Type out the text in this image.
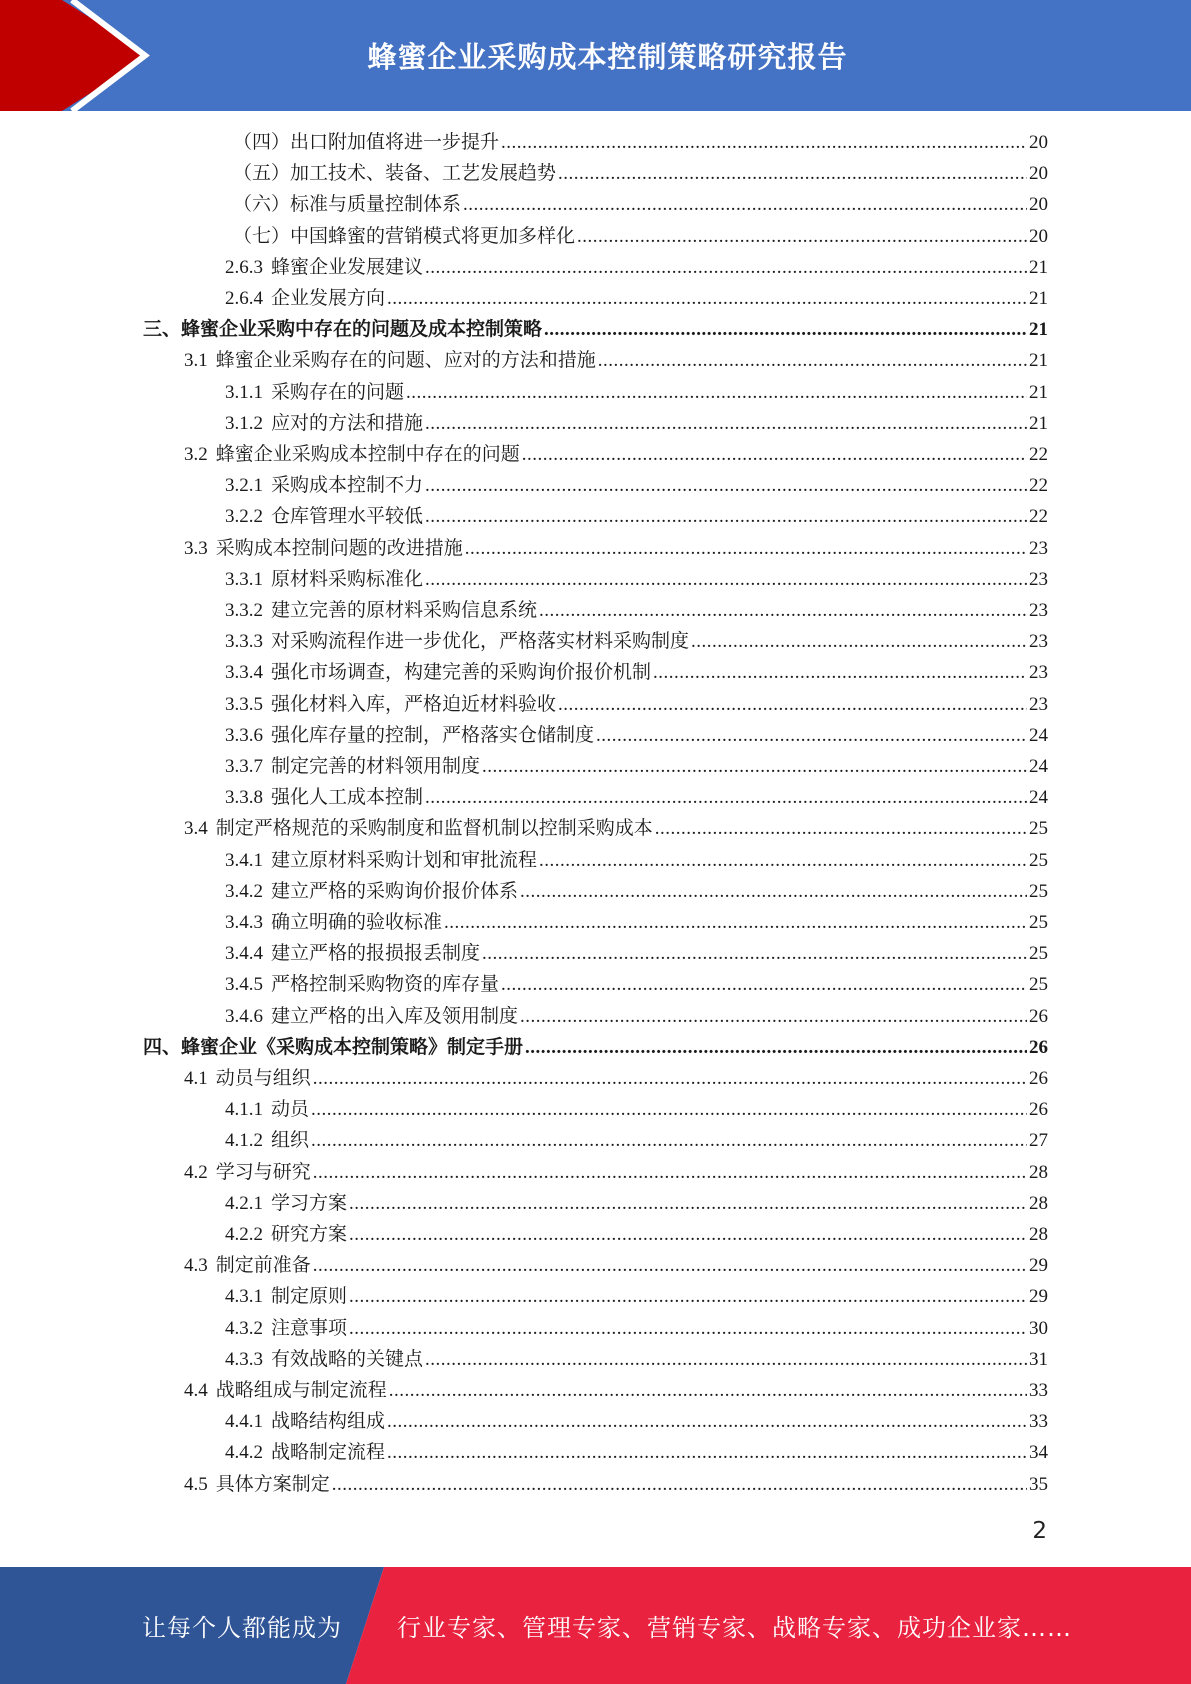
蜂蜜企业采购成本控制策略研究报告
（四）出口附加值将进一步提升 .....	20
（五）加工技术、装备、工艺发展趋势 .....	20
（六）标准与质量控制体系 .....	20
（七）中国蜂蜜的营销模式将更加多样化 .....	20
2.6.3 蜂蜜企业发展建议 .....	21
2.6.4 企业发展方向 .....	21
三、蜂蜜企业采购中存在的问题及成本控制策略 .....	21
3.1 蜂蜜企业采购存在的问题、应对的方法和措施 .....	21
3.1.1 采购存在的问题 .....	21
3.1.2 应对的方法和措施 .....	21
3.2 蜂蜜企业采购成本控制中存在的问题 .....	22
3.2.1 采购成本控制不力 .....	22
3.2.2 仓库管理水平较低 .....	22
3.3 采购成本控制问题的改进措施 .....	23
3.3.1 原材料采购标准化 .....	23
3.3.2 建立完善的原材料采购信息系统 .....	23
3.3.3 对采购流程作进一步优化，严格落实材料采购制度 .....	23
3.3.4 强化市场调查，构建完善的采购询价报价机制 .....	23
3.3.5 强化材料入库，严格迫近材料验收 .....	23
3.3.6 强化库存量的控制，严格落实仓储制度 .....	24
3.3.7 制定完善的材料领用制度 .....	24
3.3.8 强化人工成本控制 .....	24
3.4 制定严格规范的采购制度和监督机制以控制采购成本 .....	25
3.4.1 建立原材料采购计划和审批流程 .....	25
3.4.2 建立严格的采购询价报价体系 .....	25
3.4.3 确立明确的验收标准 .....	25
3.4.4 建立严格的报损报丢制度 .....	25
3.4.5 严格控制采购物资的库存量 .....	25
3.4.6 建立严格的出入库及领用制度 .....	26
四、蜂蜜企业《采购成本控制策略》制定手册 .....	26
4.1 动员与组织 .....	26
4.1.1 动员 .....	26
4.1.2 组织 .....	27
4.2 学习与研究 .....	28
4.2.1 学习方案 .....	28
4.2.2 研究方案 .....	28
4.3 制定前准备 .....	29
4.3.1 制定原则 .....	29
4.3.2 注意事项 .....	30
4.3.3 有效战略的关键点 .....	31
4.4 战略组成与制定流程 .....	33
4.4.1 战略结构组成 .....	33
4.4.2 战略制定流程 .....	34
4.5 具体方案制定 .....	35
2
让每个人都能成为 行业专家、管理专家、营销专家、战略专家、成功企业家……
